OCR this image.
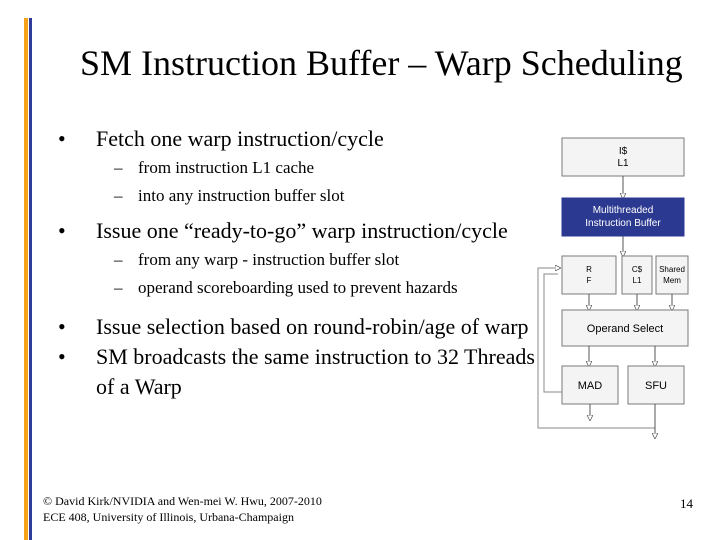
SM Instruction Buffer – Warp Scheduling
• Fetch one warp instruction/cycle
– from instruction L1 cache
– into any instruction buffer slot
• Issue one “ready-to-go” warp instruction/cycle
– from any warp - instruction buffer slot
– operand scoreboarding used to prevent hazards
• Issue selection based on round-robin/age of warp
• SM broadcasts the same instruction to 32 Threads of a Warp
I$
L1
Multithreaded
Instruction Buffer
R
F
C$
L1
Shared
Mem
Operand Select
MAD	SFU
© David Kirk/NVIDIA and Wen-mei W. Hwu, 2007-2010
ECE 408, University of Illinois, Urbana-Champaign
14
